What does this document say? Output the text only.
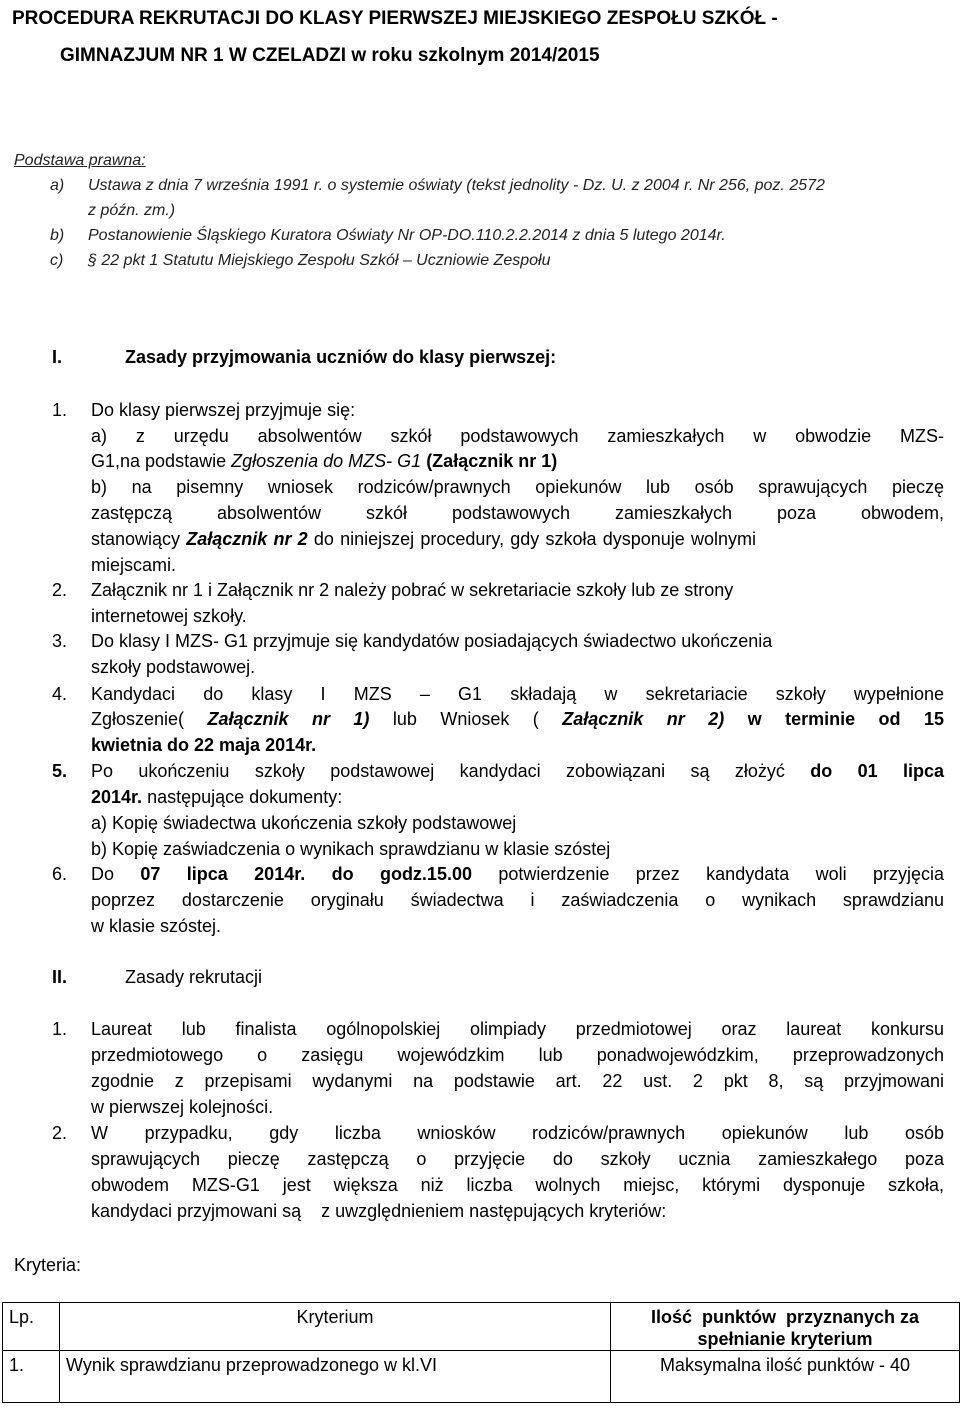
PROCEDURA REKRUTACJI DO KLASY PIERWSZEJ MIEJSKIEGO ZESPOŁU SZKÓŁ -
GIMNAZJUM NR 1 W CZELADZI w roku szkolnym 2014/2015
Podstawa prawna:
a) Ustawa z dnia 7 września 1991 r. o systemie oświaty (tekst jednolity - Dz. U. z 2004 r. Nr 256, poz. 2572
z późn. zm.)
b) Postanowienie Śląskiego Kuratora Oświaty Nr OP-DO.110.2.2.2014 z dnia 5 lutego 2014r.
c) § 22 pkt 1 Statutu Miejskiego Zespołu Szkół – Uczniowie Zespołu
I.	Zasady przyjmowania uczniów do klasy pierwszej:
1. Do klasy pierwszej przyjmuje się:
a) z urzędu absolwentów szkół podstawowych zamieszkałych w obwodzie MZS-
G1,na podstawie Zgłoszenia do MZS- G1 (Załącznik nr 1)
b) na pisemny wniosek rodziców/prawnych opiekunów lub osób sprawujących pieczę
zastępczą absolwentów szkół podstawowych zamieszkałych poza obwodem,
stanowiący Załącznik nr 2 do niniejszej procedury, gdy szkoła dysponuje wolnymi
miejscami.
2. Załącznik nr 1 i Załącznik nr 2 należy pobrać w sekretariacie szkoły lub ze strony
internetowej szkoły.
3. Do klasy I MZS- G1 przyjmuje się kandydatów posiadających świadectwo ukończenia
szkoły podstawowej.
4. Kandydaci do klasy I MZS – G1 składają w sekretariacie szkoły wypełnione
Zgłoszenie( Załącznik nr 1) lub Wniosek ( Załącznik nr 2) w terminie od 15
kwietnia do 22 maja 2014r.
5. Po ukończeniu szkoły podstawowej kandydaci zobowiązani są złożyć do 01 lipca
2014r. następujące dokumenty:
a) Kopię świadectwa ukończenia szkoły podstawowej
b) Kopię zaświadczenia o wynikach sprawdzianu w klasie szóstej
6. Do 07 lipca 2014r. do godz.15.00 potwierdzenie przez kandydata woli przyjęcia
poprzez dostarczenie oryginału świadectwa i zaświadczenia o wynikach sprawdzianu
w klasie szóstej.
II.	Zasady rekrutacji
1. Laureat lub finalista ogólnopolskiej olimpiady przedmiotowej oraz laureat konkursu
przedmiotowego o zasięgu wojewódzkim lub ponadwojewódzkim, przeprowadzonych
zgodnie z przepisami wydanymi na podstawie art. 22 ust. 2 pkt 8, są przyjmowani
w pierwszej kolejności.
2. W przypadku, gdy liczba wniosków rodziców/prawnych opiekunów lub osób
sprawujących pieczę zastępczą o przyjęcie do szkoły ucznia zamieszkałego poza
obwodem MZS-G1 jest większa niż liczba wolnych miejsc, którymi dysponuje szkoła,
kandydaci przyjmowani są    z uwzględnieniem następujących kryteriów:
Kryteria:
Lp.	Kryterium	Ilość  punktów  przyznanych za spełnianie kryterium
1.	Wynik sprawdzianu przeprowadzonego w kl.VI	Maksymalna ilość punktów - 40
